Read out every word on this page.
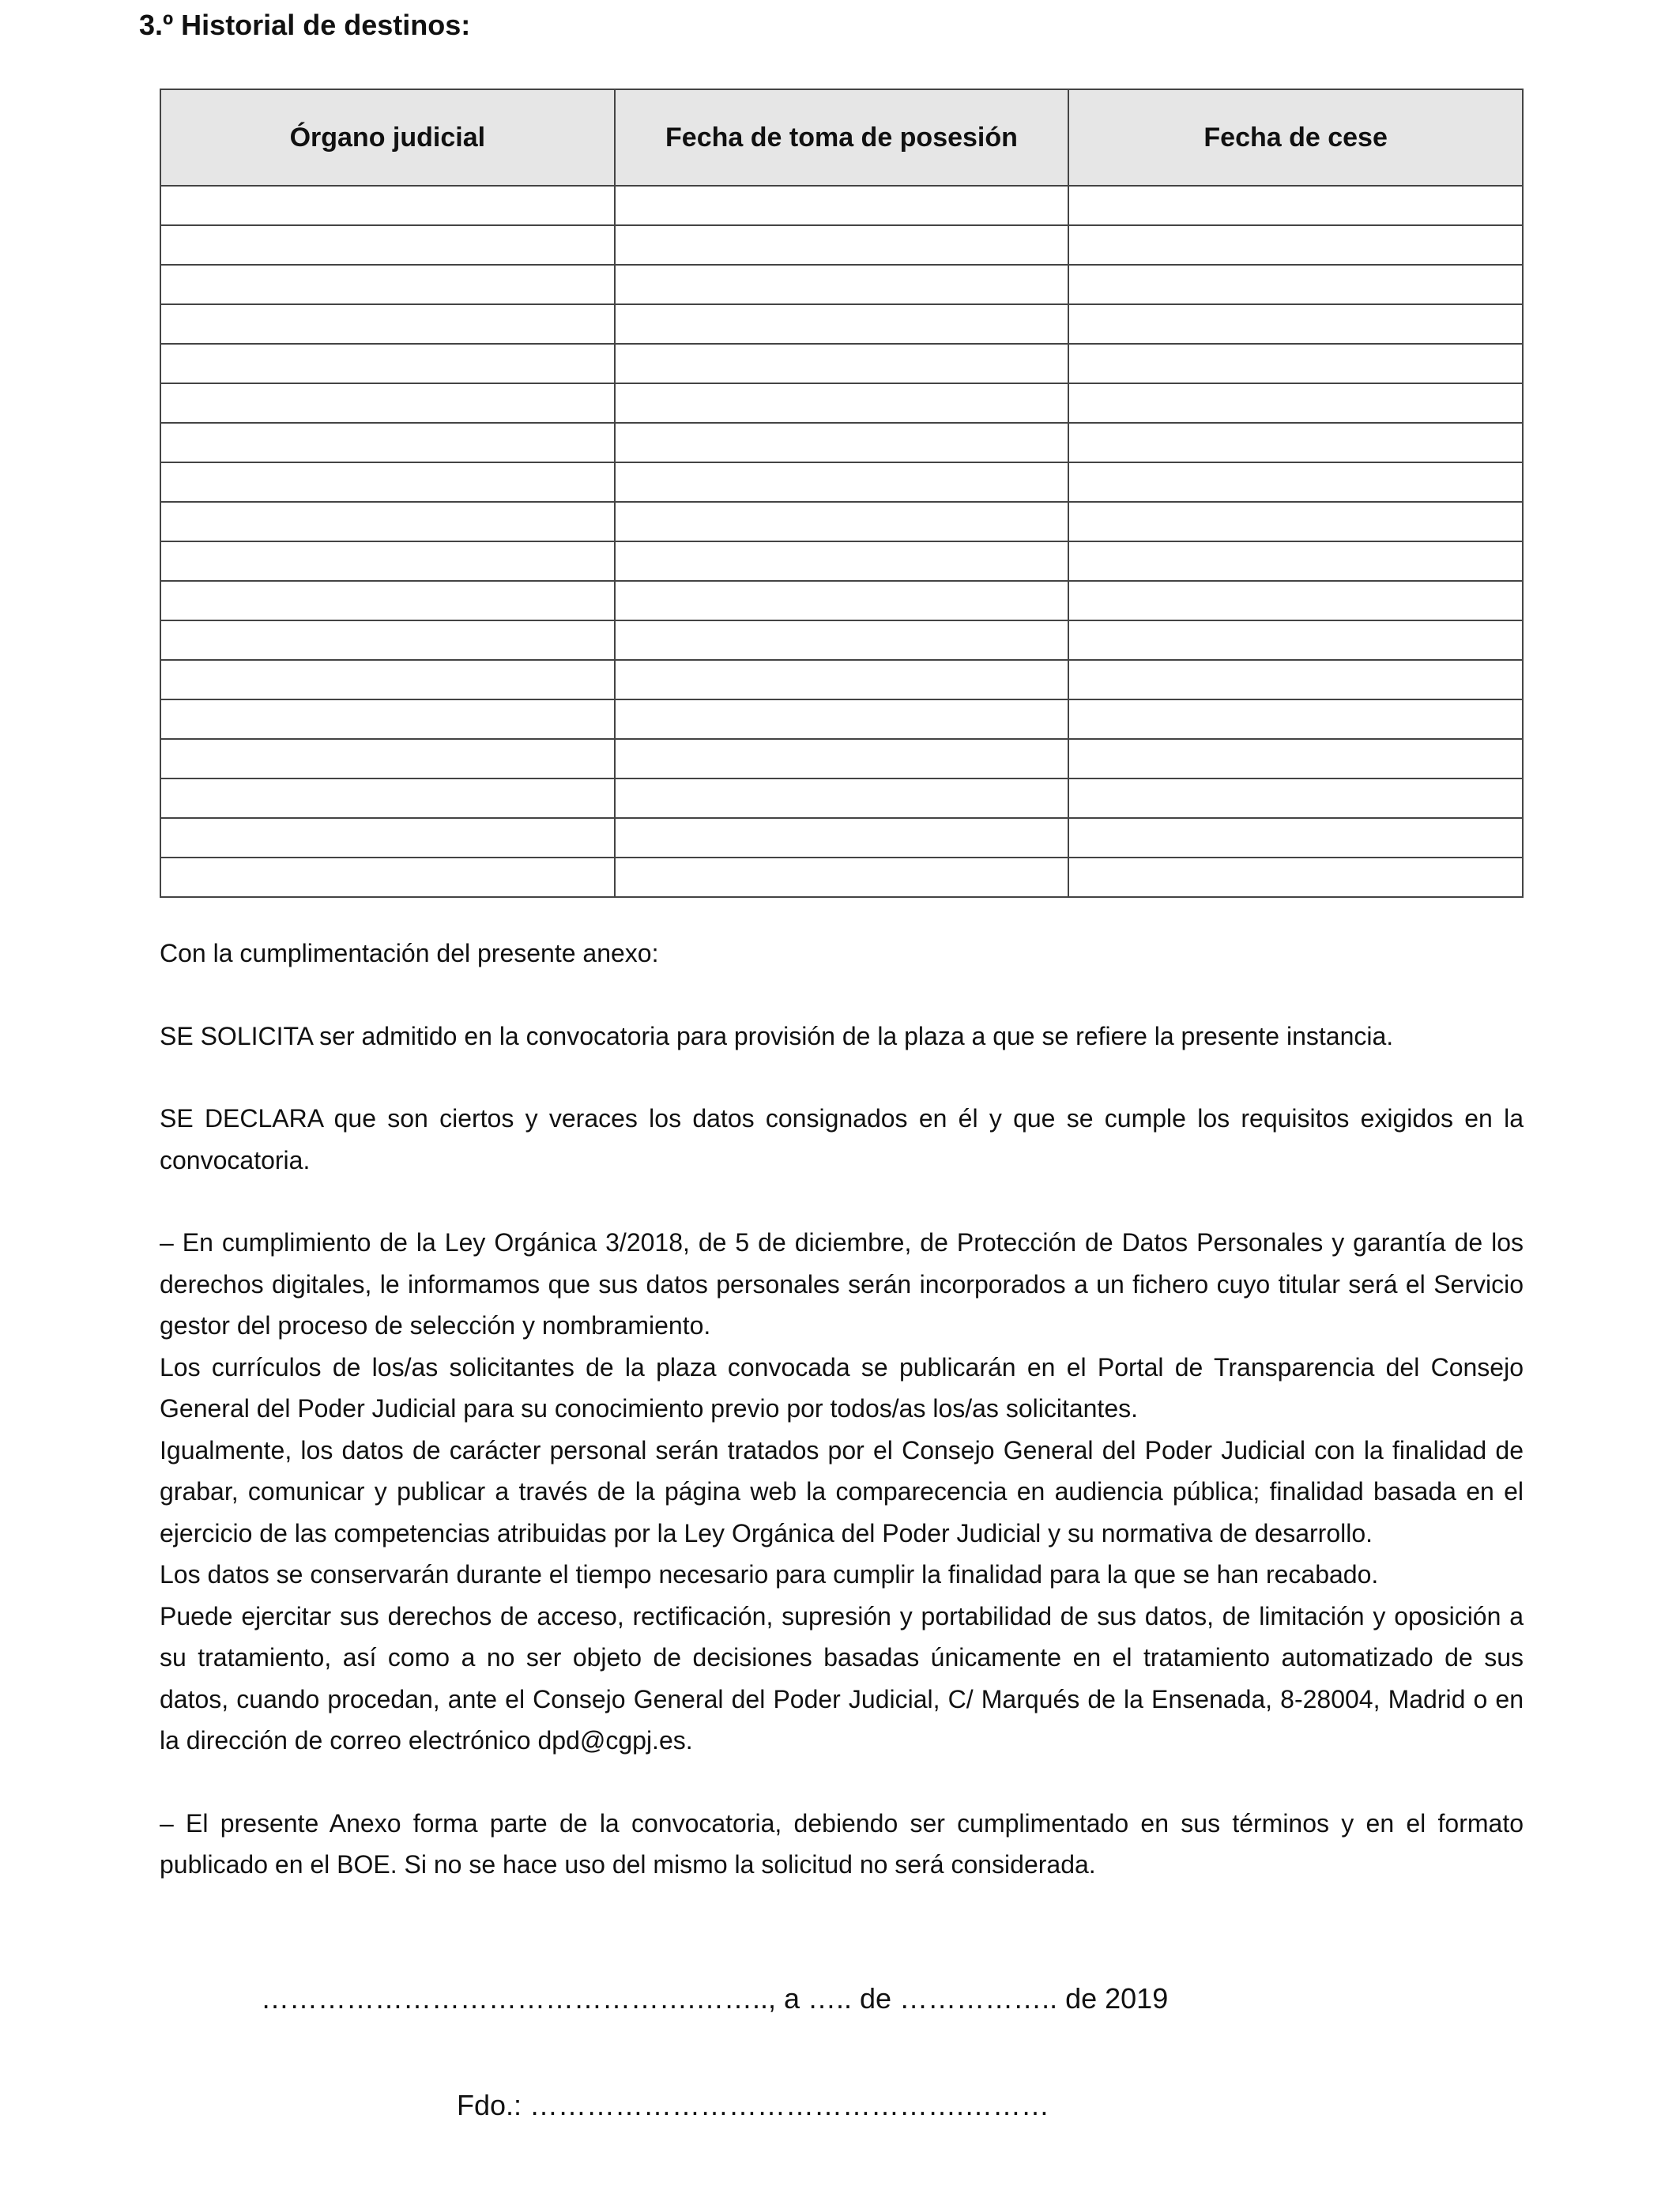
3.º Historial de destinos:
Órgano judicial	Fecha de toma de posesión	Fecha de cese

Con la cumplimentación del presente anexo:

SE SOLICITA ser admitido en la convocatoria para provisión de la plaza a que se refiere la presente instancia.

SE DECLARA que son ciertos y veraces los datos consignados en él y que se cumple los requisitos exigidos en la convocatoria.

– En cumplimiento de la Ley Orgánica 3/2018, de 5 de diciembre, de Protección de Datos Personales y garantía de los derechos digitales, le informamos que sus datos personales serán incorporados a un fichero cuyo titular será el Servicio gestor del proceso de selección y nombramiento.

Los currículos de los/as solicitantes de la plaza convocada se publicarán en el Portal de Transparencia del Consejo General del Poder Judicial para su conocimiento previo por todos/as los/as solicitantes.

Igualmente, los datos de carácter personal serán tratados por el Consejo General del Poder Judicial con la finalidad de grabar, comunicar y publicar a través de la página web la comparecencia en audiencia pública; finalidad basada en el ejercicio de las competencias atribuidas por la Ley Orgánica del Poder Judicial y su normativa de desarrollo.

Los datos se conservarán durante el tiempo necesario para cumplir la finalidad para la que se han recabado.

Puede ejercitar sus derechos de acceso, rectificación, supresión y portabilidad de sus datos, de limitación y oposición a su tratamiento, así como a no ser objeto de decisiones basadas únicamente en el tratamiento automatizado de sus datos, cuando procedan, ante el Consejo General del Poder Judicial, C/ Marqués de la Ensenada, 8-28004, Madrid o en la dirección de correo electrónico dpd@cgpj.es.

– El presente Anexo forma parte de la convocatoria, debiendo ser cumplimentado en sus términos y en el formato publicado en el BOE. Si no se hace uso del mismo la solicitud no será considerada.

……………………………………….…….., a ….. de …………….. de 2019

Fdo.: ……………………………………….………
